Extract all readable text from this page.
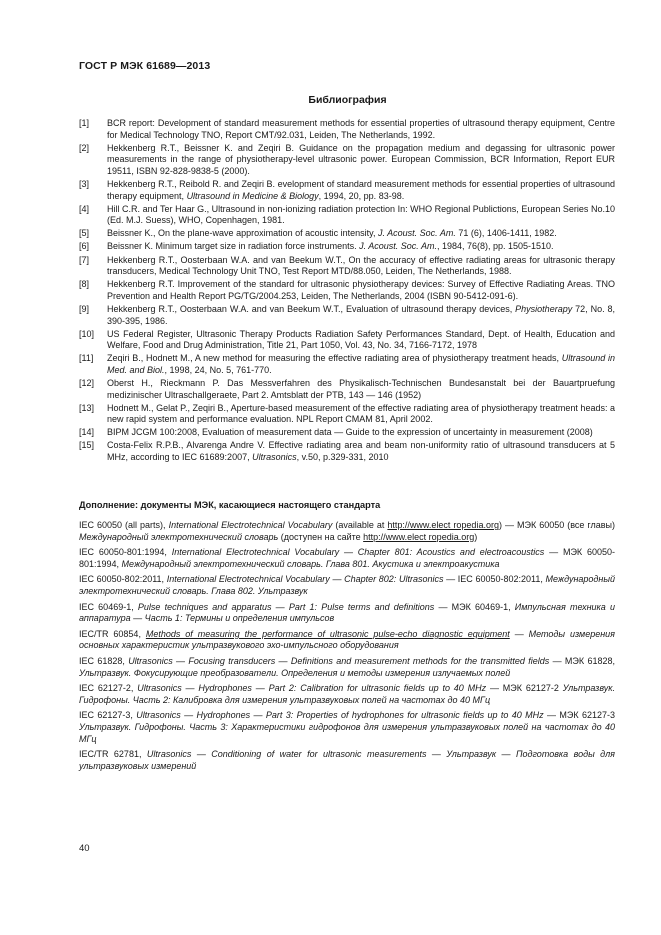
ГОСТ Р МЭК 61689—2013
Библиография
[1]	BCR report: Development of standard measurement methods for essential properties of ultrasound therapy equipment, Centre for Medical Technology TNO, Report CMT/92.031, Leiden, The Netherlands, 1992.
[2]	Hekkenberg R.T., Beissner K. and Zeqiri B. Guidance on the propagation medium and degassing for ultrasonic power measurements in the range of physiotherapy-level ultrasonic power. European Commission, BCR Information, Report EUR 19511, ISBN 92-828-9838-5 (2000).
[3]	Hekkenberg R.T., Reibold R. and Zeqiri B. evelopment of standard measurement methods for essential properties of ultrasound therapy equipment, Ultrasound in Medicine & Biology, 1994, 20, pp. 83-98.
[4]	Hill C.R. and Ter Haar G., Ultrasound in non-ionizing radiation protection In: WHO Regional Publictions, European Series No.10 (Ed. M.J. Suess), WHO, Copenhagen, 1981.
[5]	Beissner K., On the plane-wave approximation of acoustic intensity, J. Acoust. Soc. Am. 71 (6), 1406-1411, 1982.
[6]	Beissner K. Minimum target size in radiation force instruments. J. Acoust. Soc. Am., 1984, 76(8), pp. 1505-1510.
[7]	Hekkenberg R.T., Oosterbaan W.A. and van Beekum W.T., On the accuracy of effective radiating areas for ultrasonic therapy transducers, Medical Technology Unit TNO, Test Report MTD/88.050, Leiden, The Netherlands, 1988.
[8]	Hekkenberg R.T. Improvement of the standard for ultrasonic physiotherapy devices: Survey of Effective Radiating Areas. TNO Prevention and Health Report PG/TG/2004.253, Leiden, The Netherlands, 2004 (ISBN 90-5412-091-6).
[9]	Hekkenberg R.T., Oosterbaan W.A. and van Beekum W.T., Evaluation of ultrasound therapy devices, Physiotherapy 72, No. 8, 390-395, 1986.
[10]	US Federal Register, Ultrasonic Therapy Products Radiation Safety Performances Standard, Dept. of Health, Education and Welfare, Food and Drug Administration, Title 21, Part 1050, Vol. 43, No. 34, 7166-7172, 1978
[11]	Zeqiri B., Hodnett M., A new method for measuring the effective radiating area of physiotherapy treatment heads, Ultrasound in Med. and Biol., 1998, 24, No. 5, 761-770.
[12]	Oberst H., Rieckmann P. Das Messverfahren des Physikalisch-Technischen Bundesanstalt bei der Bauartpruefung medizinischer Ultraschallgeraete, Part 2. Amtsblatt der PTB, 143 — 146 (1952)
[13]	Hodnett M., Gelat P., Zeqiri B., Aperture-based measurement of the effective radiating area of physiotherapy treatment heads: a new rapid system and performance evaluation. NPL Report CMAM 81, April 2002.
[14]	BIPM JCGM 100:2008, Evaluation of measurement data — Guide to the expression of uncertainty in measurement (2008)
[15]	Costa-Felix R.P.B., Alvarenga Andre V. Effective radiating area and beam non-uniformity ratio of ultrasound transducers at 5 MHz, according to IEC 61689:2007, Ultrasonics, v.50, p.329-331, 2010
Дополнение: документы МЭК, касающиеся настоящего стандарта
IEC 60050 (all parts), International Electrotechnical Vocabulary (available at http://www.elect ropedia.org) — МЭК 60050 (все главы) Международный электротехнический словарь (доступен на сайте http://www.elect ropedia.org)
IEC 60050-801:1994, International Electrotechnical Vocabulary — Chapter 801: Acoustics and electroacoustics — МЭК 60050-801:1994, Международный электротехнический словарь. Глава 801. Акустика и электроакустика
IEC 60050-802:2011, International Electrotechnical Vocabulary — Chapter 802: Ultrasonics — IEC 60050-802:2011, Международный электротехнический словарь. Глава 802. Ультразвук
IEC 60469-1, Pulse techniques and apparatus — Part 1: Pulse terms and definitions — МЭК 60469-1, Импульсная техника и аппаратура — Часть 1: Термины и определения импульсов
IEC/TR 60854, Methods of measuring the performance of ultrasonic pulse-echo diagnostic equipment — Методы измерения основных характеристик ультразвукового эхо-импульсного оборудования
IEC 61828, Ultrasonics — Focusing transducers — Definitions and measurement methods for the transmitted fields — МЭК 61828, Ультразвук. Фокусирующие преобразователи. Определения и методы измерения излучаемых полей
IEC 62127-2, Ultrasonics — Hydrophones — Part 2: Calibration for ultrasonic fields up to 40 MHz — МЭК 62127-2 Ультразвук. Гидрофоны. Часть 2: Калибровка для измерения ультразвуковых полей на частотах до 40 МГц
IEC 62127-3, Ultrasonics — Hydrophones — Part 3: Properties of hydrophones for ultrasonic fields up to 40 MHz — МЭК 62127-3 Ультразвук. Гидрофоны. Часть 3: Характеристики гидрофонов для измерения ультразвуковых полей на частотах до 40 МГц
IEC/TR 62781, Ultrasonics — Conditioning of water for ultrasonic measurements — Ультразвук — Подготовка воды для ультразвуковых измерений
40
